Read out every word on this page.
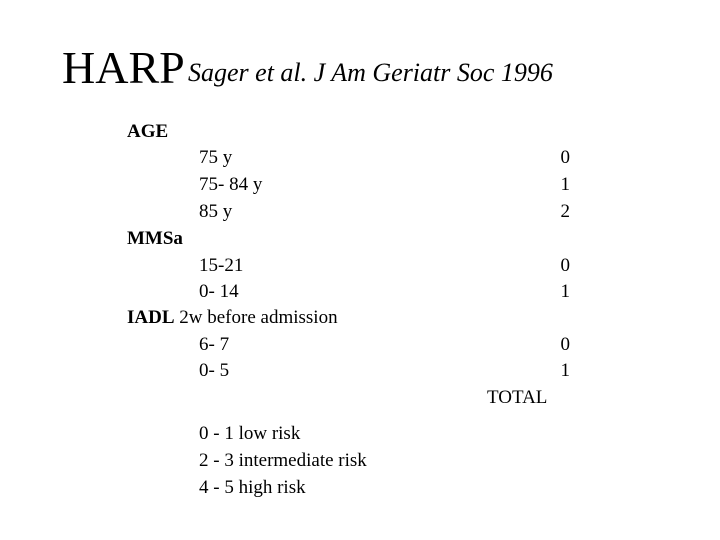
HARP Sager et al. J Am Geriatr Soc 1996
AGE
75 y	0
75- 84 y	1
85 y	2
MMSa
15-21	0
0- 14	1
IADL 2w before admission
6- 7	0
0- 5	1
TOTAL
0 - 1 low risk
2 - 3 intermediate risk
4 - 5 high risk
